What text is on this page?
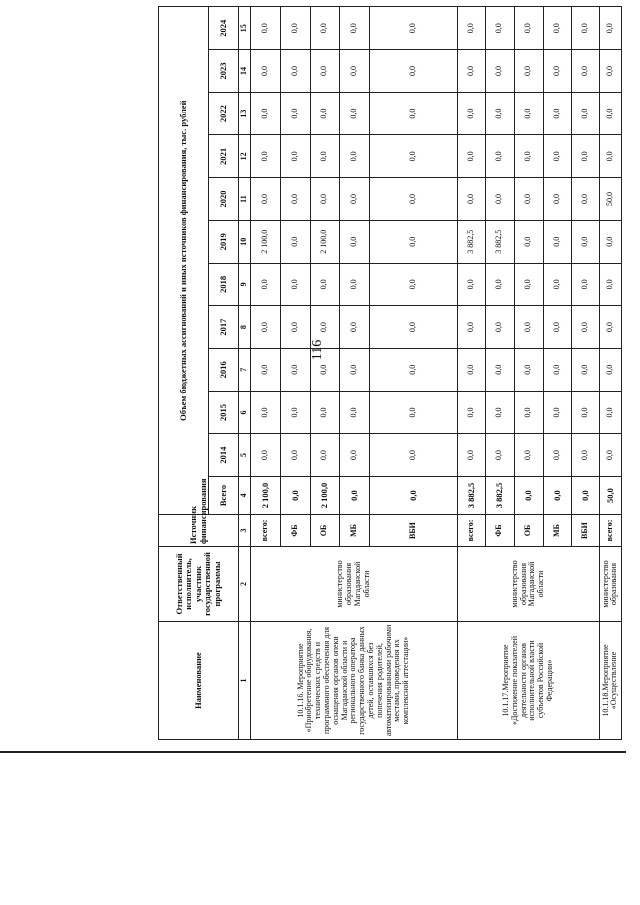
116
Наименование	Ответственный исполнитель, участник государственной программы	Источник финансирования	Объем бюджетных ассигнований и иных источников финансирования, тыс. рублей											
			Всего	2014	2015	2016	2017	2018	2019	2020	2021	2022	2023	2024
1	2	3	4	5	6	7	8	9	10	11	12	13	14	15
10.1.16. Мероприятие «Приобретение оборудования, технических средств и программного обеспечения для оснащения органов опеки Магаданской области и регионального оператора государственного банка данных детей, оставшихся без попечения родителей, автоматизированными рабочими местами, проведения их комплексной аттестации»	министерство образования Магаданской области	всего:	2 100,0	0,0	0,0	0,0	0,0	0,0	2 100,0	0,0	0,0	0,0	0,0	0,0
		ФБ	0,0	0,0	0,0	0,0	0,0	0,0	0,0	0,0	0,0	0,0	0,0	0,0
		ОБ	2 100,0	0,0	0,0	0,0	0,0	0,0	2 100,0	0,0	0,0	0,0	0,0	0,0
		МБ	0,0	0,0	0,0	0,0	0,0	0,0	0,0	0,0	0,0	0,0	0,0	0,0
		ВБИ	0,0	0,0	0,0	0,0	0,0	0,0	0,0	0,0	0,0	0,0	0,0	0,0
10.1.17.Мероприятие «Достижение показателей деятельности органов исполнительной власти субъектов Российской Федерации»	министерство образования Магаданской области	всего:	3 882,5	0,0	0,0	0,0	0,0	0,0	3 882,5	0,0	0,0	0,0	0,0	0,0
		ФБ	3 882,5	0,0	0,0	0,0	0,0	0,0	3 882,5	0,0	0,0	0,0	0,0	0,0
		ОБ	0,0	0,0	0,0	0,0	0,0	0,0	0,0	0,0	0,0	0,0	0,0	0,0
		МБ	0,0	0,0	0,0	0,0	0,0	0,0	0,0	0,0	0,0	0,0	0,0	0,0
		ВБИ	0,0	0,0	0,0	0,0	0,0	0,0	0,0	0,0	0,0	0,0	0,0	0,0
10.1.18.Мероприятие «Осуществление	министерство образования	всего:	50,0	0,0	0,0	0,0	0,0	0,0	0,0	50,0	0,0	0,0	0,0	0,0
